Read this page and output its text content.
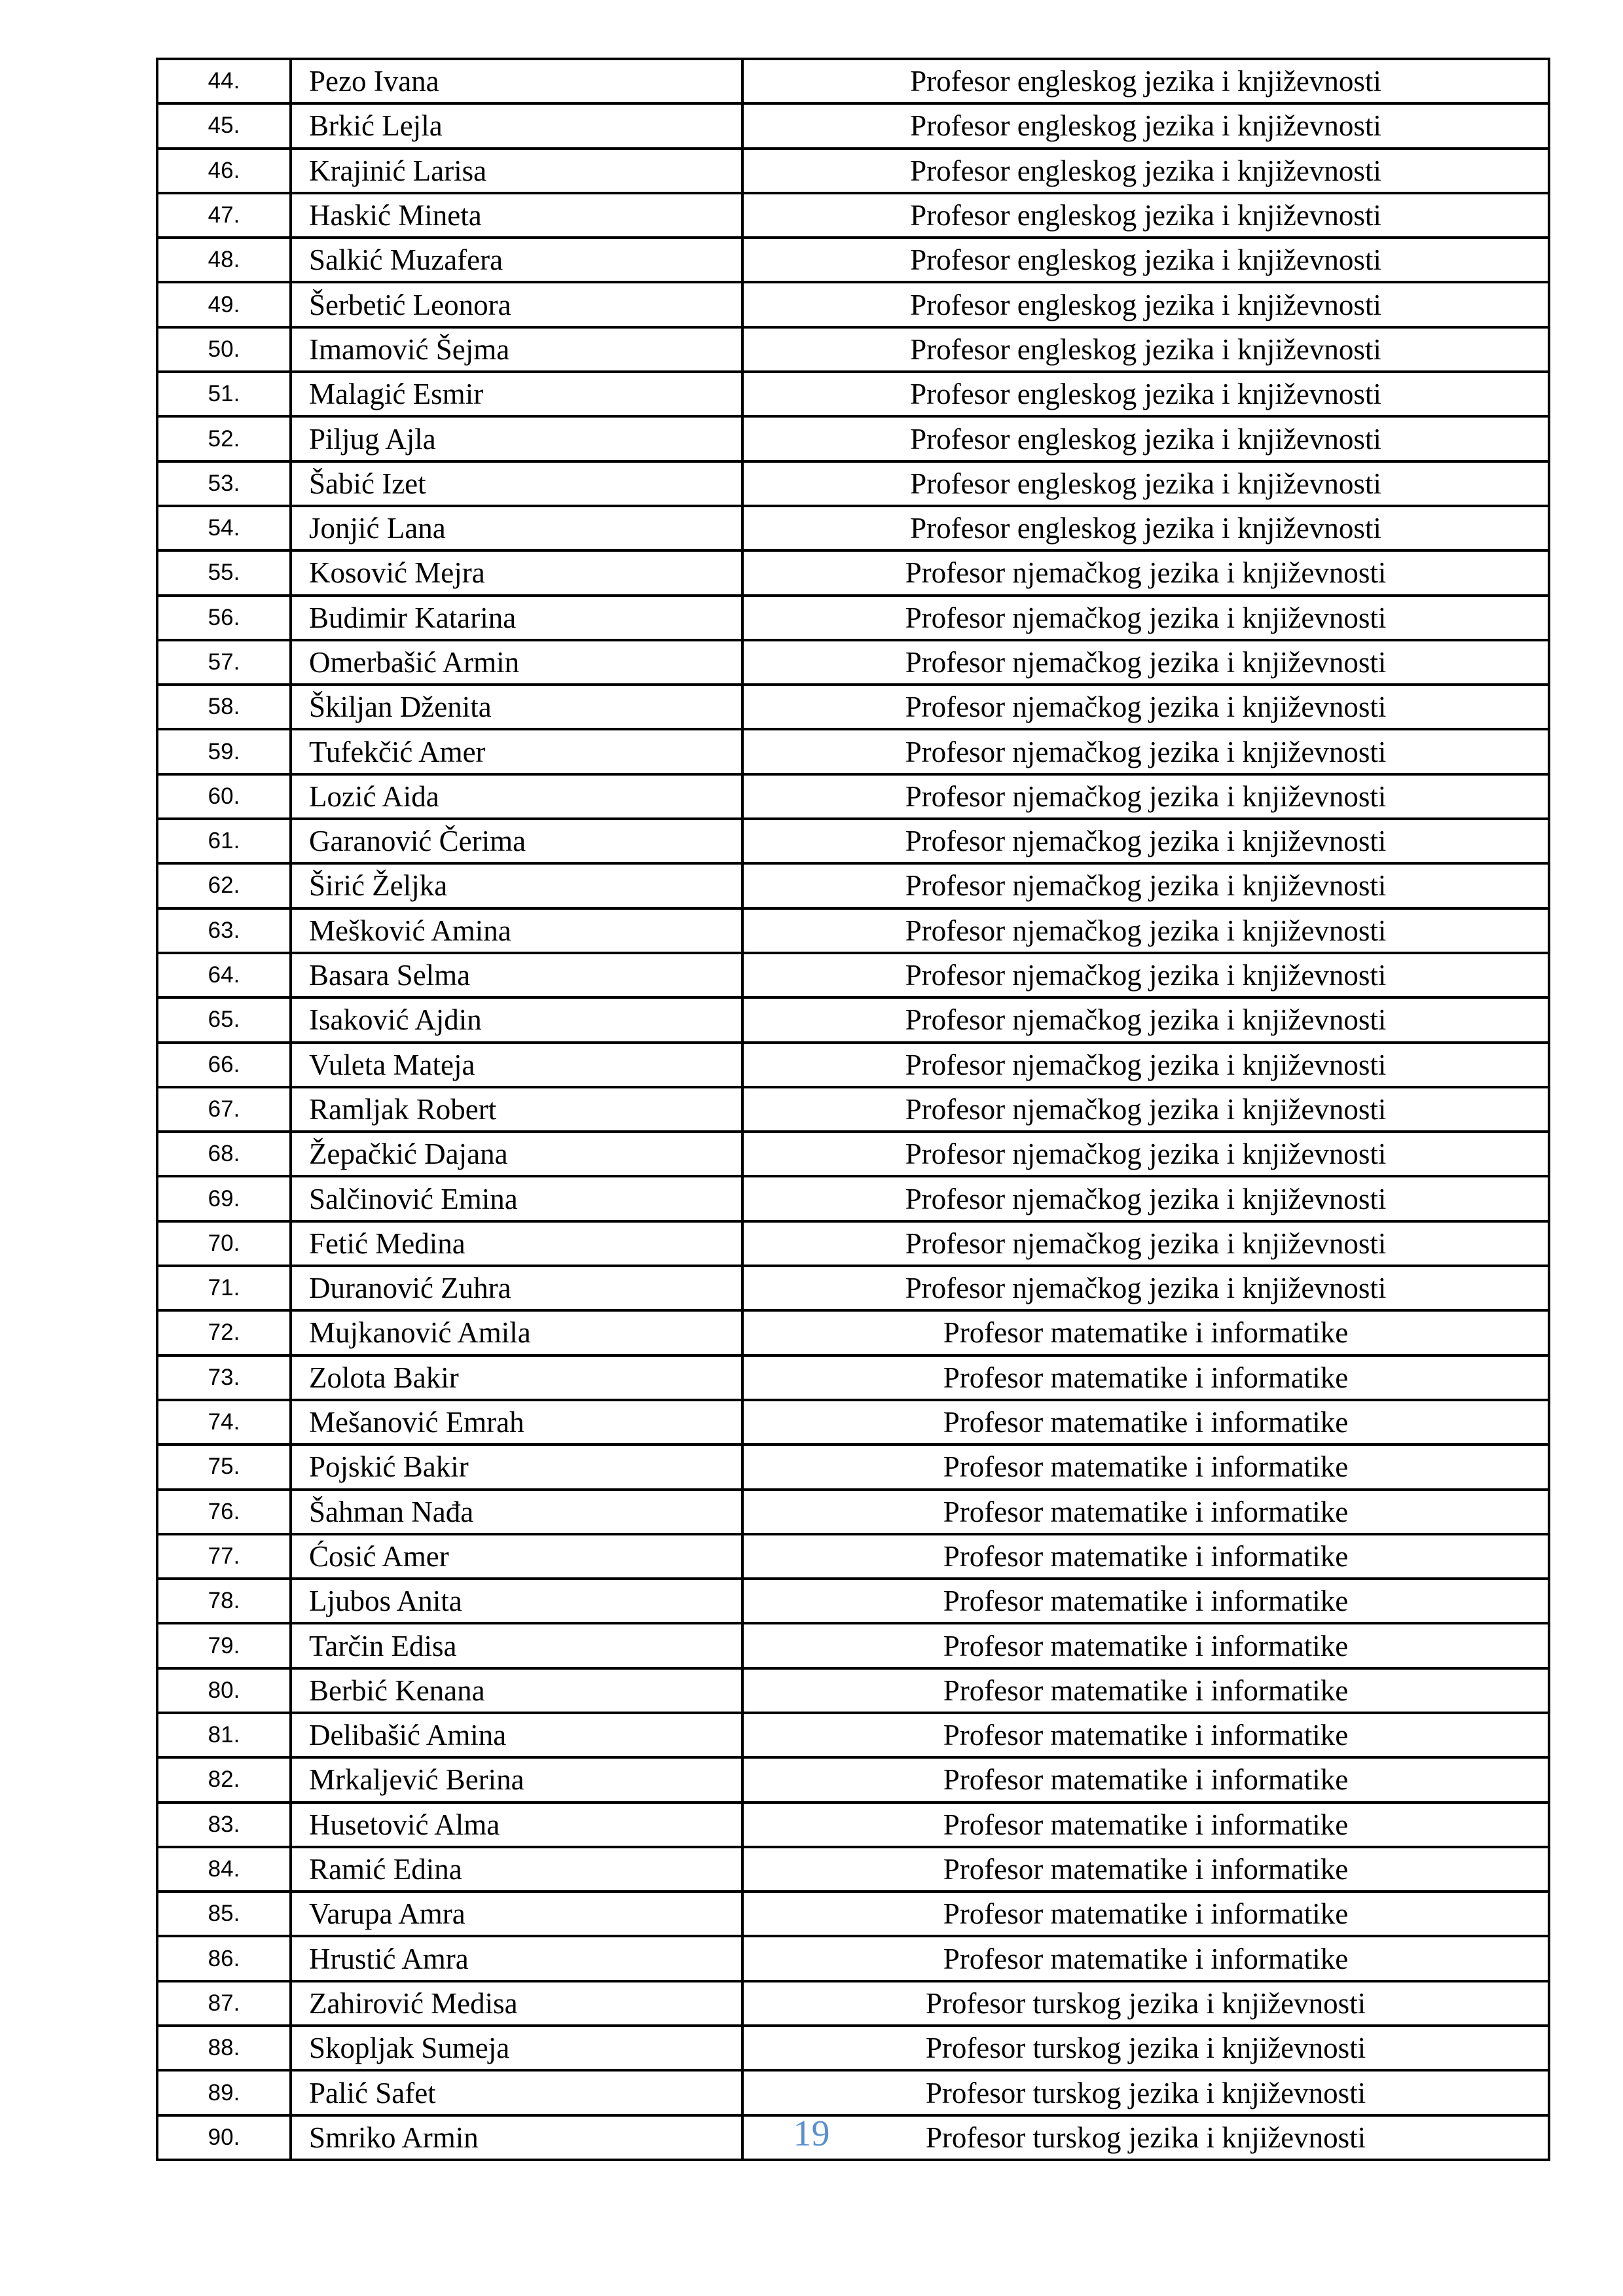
44.	Pezo Ivana	Profesor engleskog jezika i književnosti
45.	Brkić Lejla	Profesor engleskog jezika i književnosti
46.	Krajinić Larisa	Profesor engleskog jezika i književnosti
47.	Haskić Mineta	Profesor engleskog jezika i književnosti
48.	Salkić Muzafera	Profesor engleskog jezika i književnosti
49.	Šerbetić Leonora	Profesor engleskog jezika i književnosti
50.	Imamović Šejma	Profesor engleskog jezika i književnosti
51.	Malagić Esmir	Profesor engleskog jezika i književnosti
52.	Piljug Ajla	Profesor engleskog jezika i književnosti
53.	Šabić Izet	Profesor engleskog jezika i književnosti
54.	Jonjić Lana	Profesor engleskog jezika i književnosti
55.	Kosović Mejra	Profesor njemačkog jezika i književnosti
56.	Budimir Katarina	Profesor njemačkog jezika i književnosti
57.	Omerbašić Armin	Profesor njemačkog jezika i književnosti
58.	Škiljan Dženita	Profesor njemačkog jezika i književnosti
59.	Tufekčić Amer	Profesor njemačkog jezika i književnosti
60.	Lozić Aida	Profesor njemačkog jezika i književnosti
61.	Garanović Čerima	Profesor njemačkog jezika i književnosti
62.	Širić Željka	Profesor njemačkog jezika i književnosti
63.	Mešković Amina	Profesor njemačkog jezika i književnosti
64.	Basara Selma	Profesor njemačkog jezika i književnosti
65.	Isaković Ajdin	Profesor njemačkog jezika i književnosti
66.	Vuleta Mateja	Profesor njemačkog jezika i književnosti
67.	Ramljak Robert	Profesor njemačkog jezika i književnosti
68.	Žepačkić Dajana	Profesor njemačkog jezika i književnosti
69.	Salčinović Emina	Profesor njemačkog jezika i književnosti
70.	Fetić Medina	Profesor njemačkog jezika i književnosti
71.	Duranović Zuhra	Profesor njemačkog jezika i književnosti
72.	Mujkanović Amila	Profesor matematike i informatike
73.	Zolota Bakir	Profesor matematike i informatike
74.	Mešanović Emrah	Profesor matematike i informatike
75.	Pojskić Bakir	Profesor matematike i informatike
76.	Šahman Nađa	Profesor matematike i informatike
77.	Ćosić Amer	Profesor matematike i informatike
78.	Ljubos Anita	Profesor matematike i informatike
79.	Tarčin Edisa	Profesor matematike i informatike
80.	Berbić Kenana	Profesor matematike i informatike
81.	Delibašić Amina	Profesor matematike i informatike
82.	Mrkaljević Berina	Profesor matematike i informatike
83.	Husetović Alma	Profesor matematike i informatike
84.	Ramić Edina	Profesor matematike i informatike
85.	Varupa Amra	Profesor matematike i informatike
86.	Hrustić Amra	Profesor matematike i informatike
87.	Zahirović Medisa	Profesor turskog jezika i književnosti
88.	Skopljak Sumeja	Profesor turskog jezika i književnosti
89.	Palić Safet	Profesor turskog jezika i književnosti
90.	Smriko Armin	Profesor turskog jezika i književnosti
19
